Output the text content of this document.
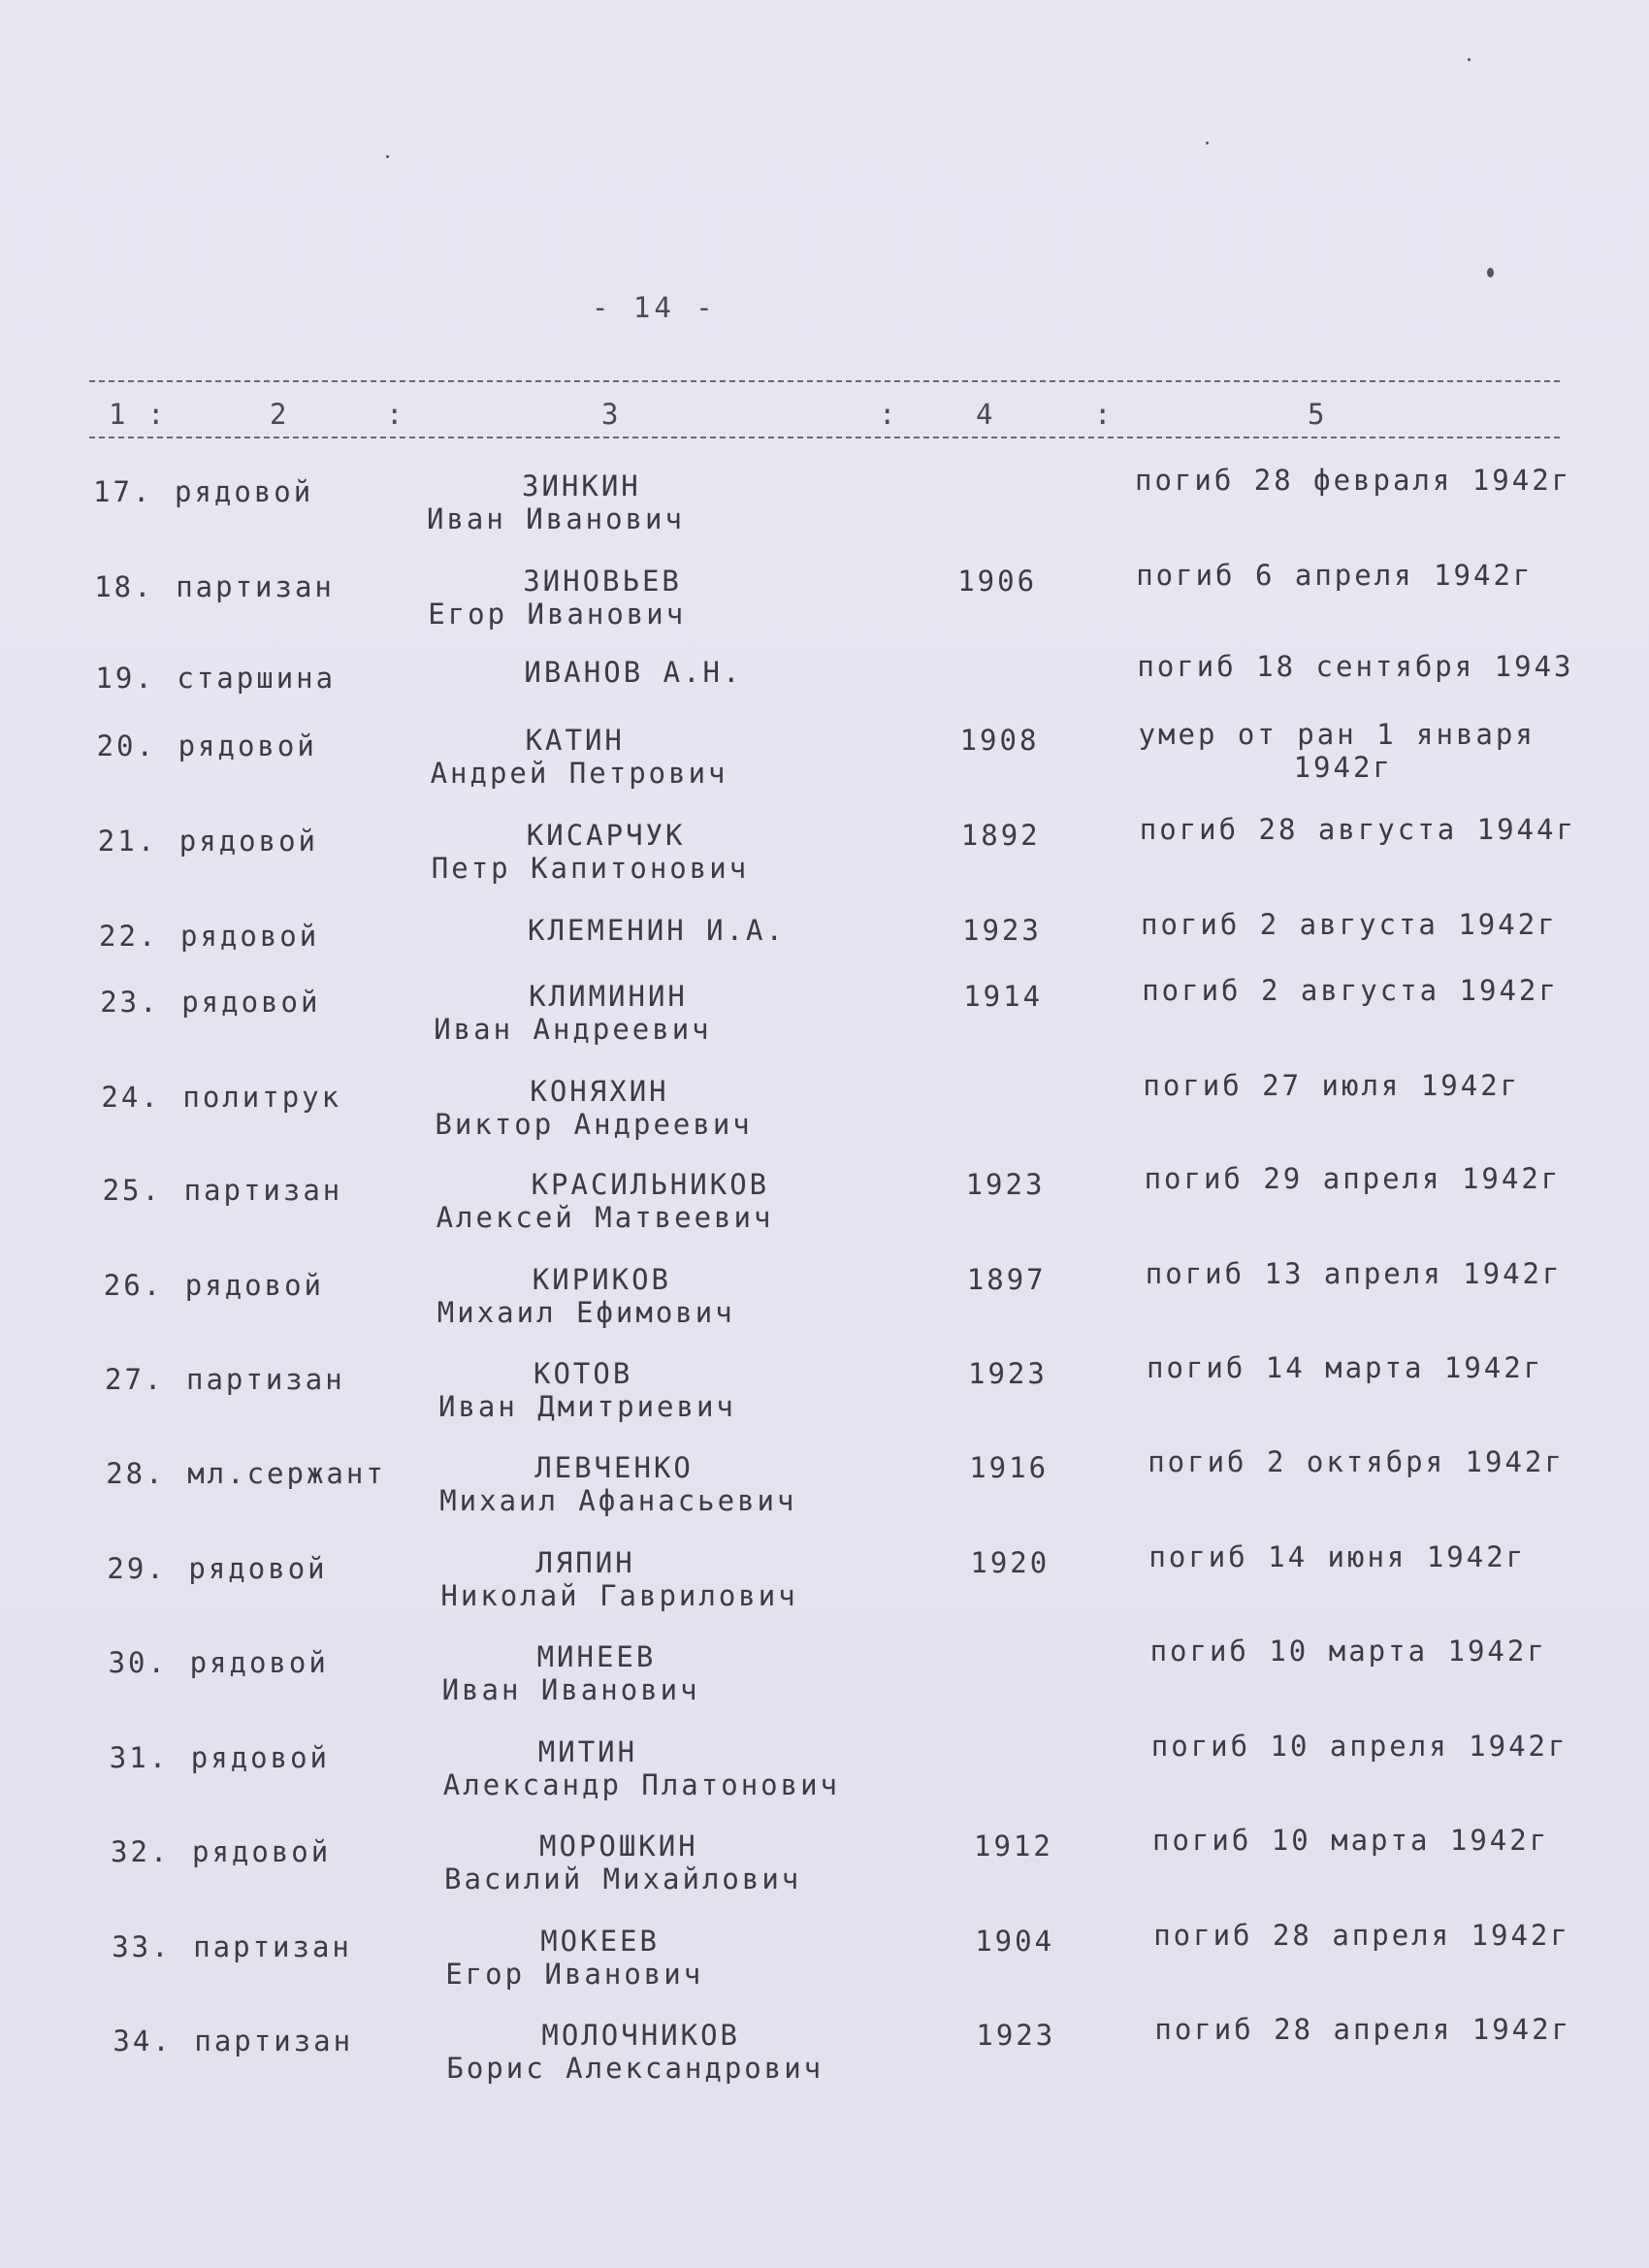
- 14 -
1 :	2	:	3	:	4	:	5
17. рядовой	ЗИНКИН
Иван Иванович
погиб 28 февраля 1942г
18. партизан	ЗИНОВЬЕВ
Егор Иванович
1906	погиб 6 апреля 1942г
19. старшина	ИВАНОВ А.Н.	погиб 18 сентября 1943
20. рядовой	КАТИН
Андрей Петрович
1908	умер от ран 1 января
1942г
21. рядовой	КИСАРЧУК
Петр Капитонович
1892	погиб 28 августа 1944г
22. рядовой	КЛЕМЕНИН И.А.	1923	погиб 2 августа 1942г
23. рядовой	КЛИМИНИН
Иван Андреевич
1914	погиб 2 августа 1942г
24. политрук	КОНЯХИН
Виктор Андреевич
погиб 27 июля 1942г
25. партизан	КРАСИЛЬНИКОВ
Алексей Матвеевич
1923	погиб 29 апреля 1942г
26. рядовой	КИРИКОВ
Михаил Ефимович
1897	погиб 13 апреля 1942г
27. партизан	КОТОВ
Иван Дмитриевич
1923	погиб 14 марта 1942г
28. мл.сержант	ЛЕВЧЕНКО
Михаил Афанасьевич
1916	погиб 2 октября 1942г
29. рядовой	ЛЯПИН
Николай Гаврилович
1920	погиб 14 июня 1942г
30. рядовой	МИНЕЕВ
Иван Иванович
погиб 10 марта 1942г
31. рядовой	МИТИН
Александр Платонович
погиб 10 апреля 1942г
32. рядовой	МОРОШКИН
Василий Михайлович
1912	погиб 10 марта 1942г
33. партизан	МОКЕЕВ
Егор Иванович
1904	погиб 28 апреля 1942г
34. партизан	МОЛОЧНИКОВ
Борис Александрович
1923	погиб 28 апреля 1942г
